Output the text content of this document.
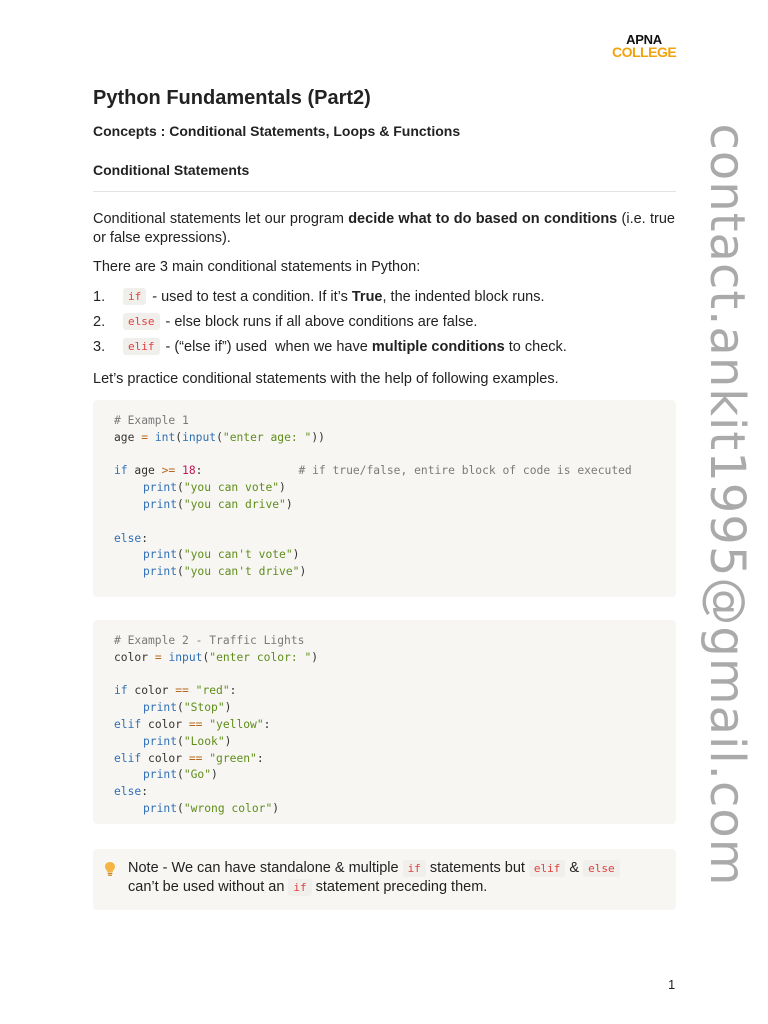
APNA
COLLEGE
Python Fundamentals (Part2)
Concepts : Conditional Statements, Loops & Functions
Conditional Statements

Conditional statements let our program decide what to do based on conditions (i.e. true or false expressions).

There are 3 main conditional statements in Python:

1.	if - used to test a condition. If it’s True , the indented block runs.
2.	else - else block runs if all above conditions are false.
3.	elif - (“else if”) used  when we have multiple conditions to check.

Let’s practice conditional statements with the help of following examples.

# Example 1
age = int(input("enter age: "))
if age >= 18:	# if true/false, entire block of code is executed
print("you can vote")
print("you can drive")
else:
print("you can't vote")
print("you can't drive")
# Example 2 - Traffic Lights
color = input("enter color: ")
if color == "red":
print("Stop")
elif color == "yellow":
print("Look")
elif color == "green":
print("Go")
else:
print("wrong color")
Note - We can have standalone & multiple if statements but elif & else
can’t be used without an if statement preceding them.
contact.ankit1995@gmail.com
1
